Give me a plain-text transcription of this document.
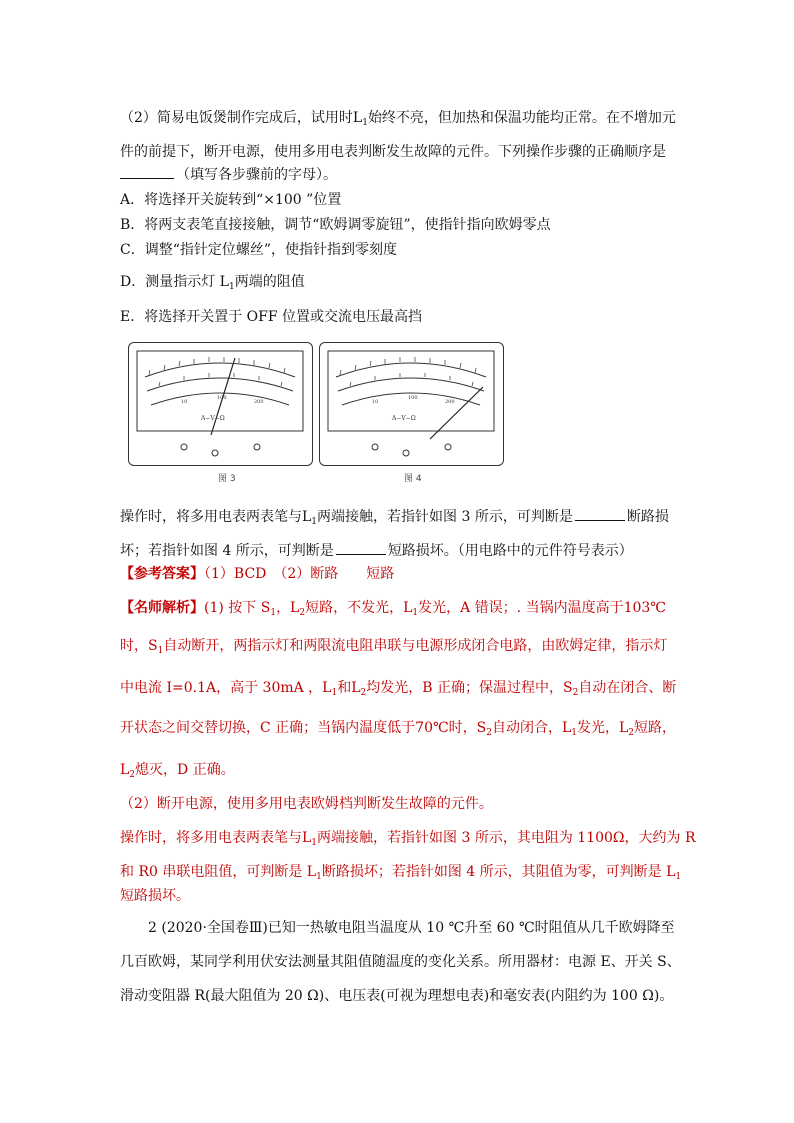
（2）简易电饭煲制作完成后，试用时$L_1$始终不亮，但加热和保温功能均正常。在不增加元
件的前提下，断开电源，使用多用电表判断发生故障的元件。下列操作步骤的正确顺序是
（填写各步骤前的字母）。
A．将选择开关旋转到“×100 ”位置
B．将两支表笔直接接触，调节“欧姆调零旋钮”，使指针指向欧姆零点
C．调整“指针定位螺丝”，使指针指到零刻度
D．测量指示灯 $L_1$两端的阻值
E．将选择开关置于 OFF 位置或交流电压最高挡
10
100
200
A−V−Ω
10
100
200
A−V−Ω
图 3	图 4
操作时，将多用电表两表笔与$L_1$两端接触，若指针如图 3 所示，可判断是	断路损
坏；若指针如图 4 所示，可判断是	短路损坏。（用电路中的元件符号表示）
【参考答案】（1）BCD　（2）断路　　短路
【名师解析】(1) 按下 $S_1$，$L_2$短路，不发光，$L_1$发光，A 错误；. 当锅内温度高于103℃
时，$S_1$自动断开，两指示灯和两限流电阻串联与电源形成闭合电路，由欧姆定律，指示灯
中电流 I=0.1A，高于 30mA ，$L_1$和$L_2$均发光，B 正确；保温过程中，$S_2$自动在闭合、断
开状态之间交替切换，C 正确；当锅内温度低于70℃时，$S_2$自动闭合，$L_1$发光，$L_2$短路，
$L_2$熄灭，D 正确。
（2）断开电源，使用多用电表欧姆档判断发生故障的元件。
操作时，将多用电表两表笔与$L_1$两端接触，若指针如图 3 所示，其电阻为 1100Ω，大约为 R
和 R0 串联电阻值，可判断是 $L_1$断路损坏；若指针如图 4 所示，其阻值为零，可判断是 $L_1$
短路损坏。
2 (2020·全国卷Ⅲ)已知一热敏电阻当温度从 10 ℃升至 60 ℃时阻值从几千欧姆降至
几百欧姆，某同学利用伏安法测量其阻值随温度的变化关系。所用器材：电源 E、开关 S、
滑动变阻器 R(最大阻值为 20 Ω)、电压表(可视为理想电表)和毫安表(内阻约为 100 Ω)。
